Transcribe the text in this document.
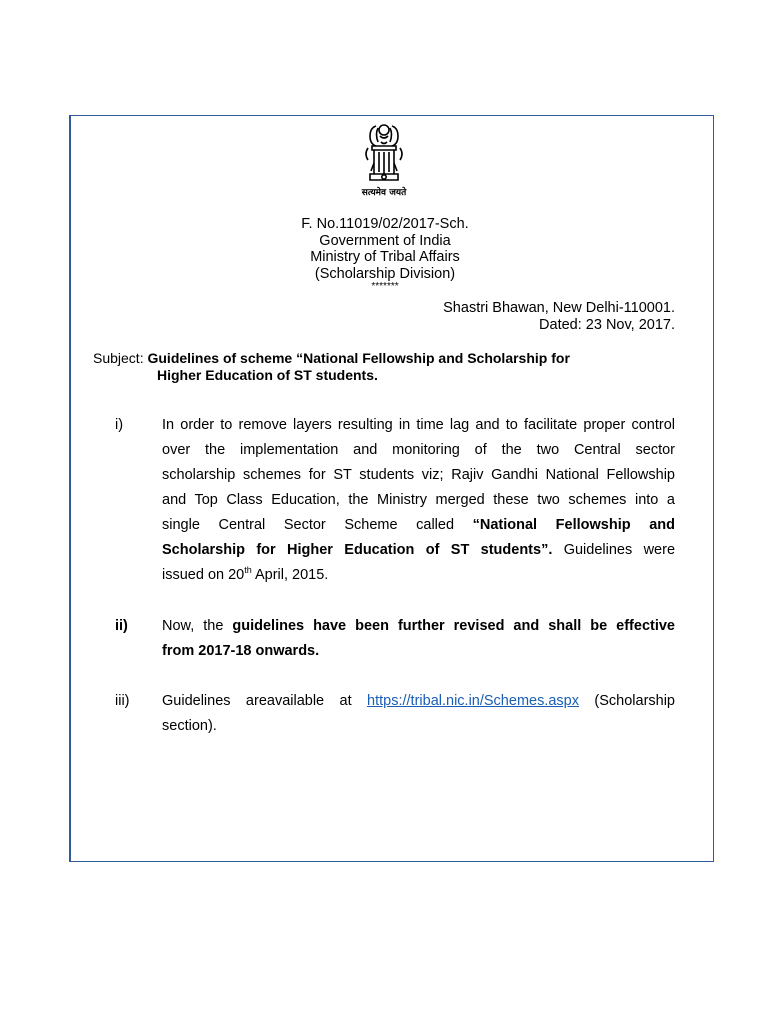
सत्यमेव जयते
F. No.11019/02/2017-Sch.
Government of India
Ministry of Tribal Affairs
(Scholarship Division)
*******
Shastri Bhawan, New Delhi-110001.
Dated: 23 Nov, 2017.
Subject: Guidelines of scheme “National Fellowship and Scholarship for
Higher Education of ST students.
i)	In order to remove layers resulting in time lag and to facilitate proper control
over the implementation and monitoring of the two Central sector
scholarship schemes for ST students viz; Rajiv Gandhi National Fellowship
and Top Class Education, the Ministry merged these two schemes into a
single Central Sector Scheme called “National Fellowship and
Scholarship for Higher Education of ST students”. Guidelines were
issued on 20th April, 2015.
ii)	Now, the guidelines have been further revised and shall be effective
from 2017-18 onwards.
iii)	Guidelines areavailable at https://tribal.nic.in/Schemes.aspx (Scholarship
section).
